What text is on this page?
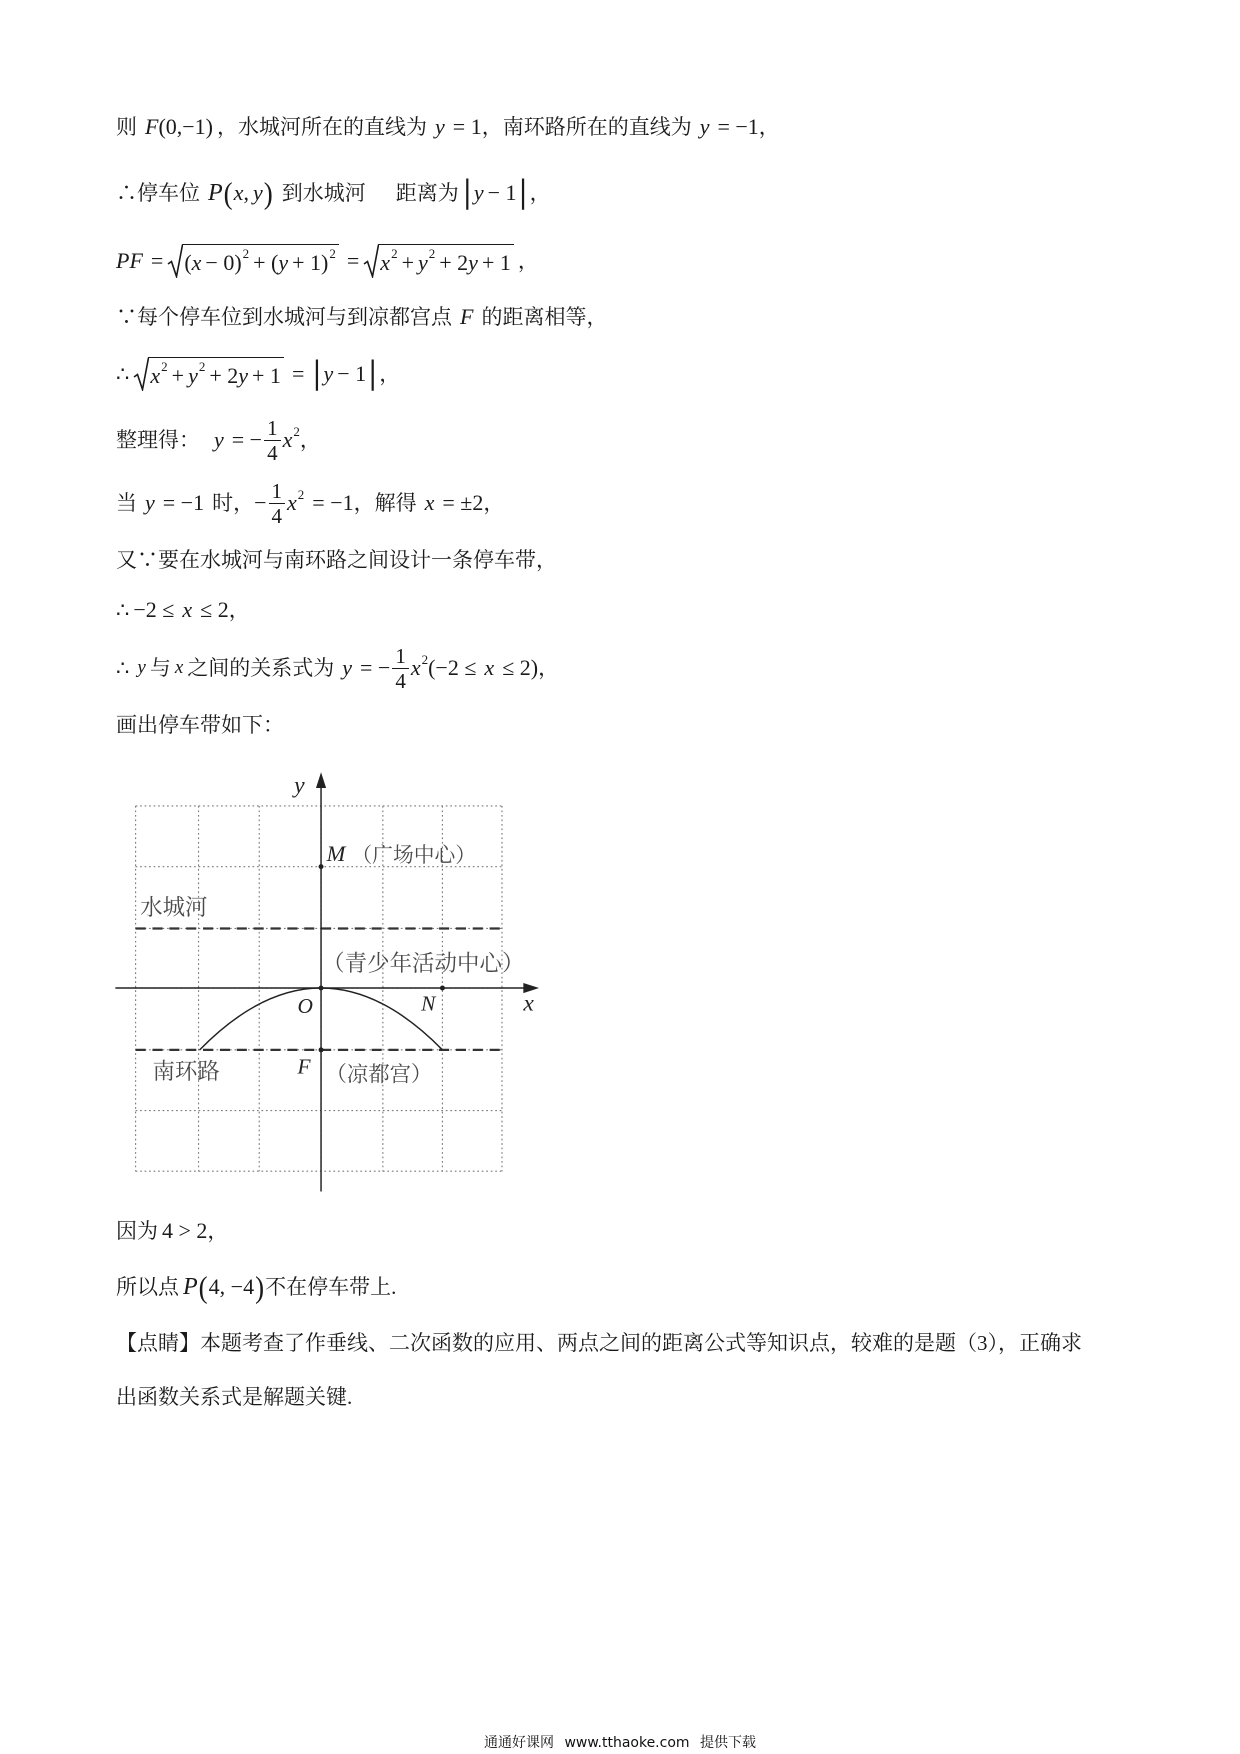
则 F (0,−1) ，水城河所在的直线为 y = 1 ，南环路所在的直线为 y = −1 ，
∴停车位 P ( x , y ) 到水城河 距离为 | y − 1 | ，
PF = ( x − 0) 2 + ( y + 1) 2 = x 2 + y 2 + 2 y + 1 ，
∵每个停车位到水城河与到凉都宫点 F 的距离相等，
∴ x 2 + y 2 + 2 y + 1 = | y − 1 | ，
整理得： y = − $\frac{1}{4}$ x 2 ，
当 y = −1 时， − $\frac{1}{4}$ x 2 = −1 ，解得 x = ±2 ，
又∵要在水城河与南环路之间设计一条停车带，
∴ −2 ≤ x ≤ 2 ，
∴ y 与 x 之间的关系式为 y = − $\frac{1}{4}$ x 2 (−2 ≤ x ≤ 2) ，
画出停车带如下：
y
x
M （广场中心）
水城河
（青少年活动中心）
O	N
南环路	F （凉都宫）
因为 4 > 2 ，
所以点 P ( 4, −4 ) 不在停车带上.
【点睛】本题考查了作垂线、二次函数的应用、两点之间的距离公式等知识点，较难的是题（3），正确求
出函数关系式是解题关键.
通通好课网 www.tthaoke.com 提供下载
